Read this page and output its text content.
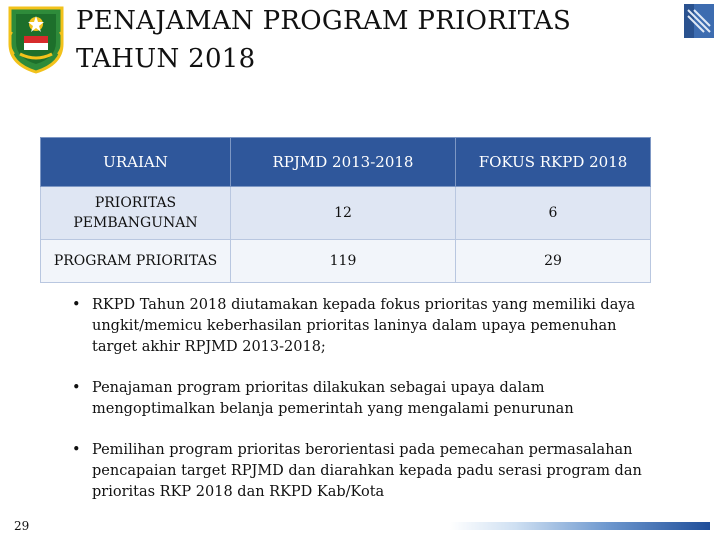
PENAJAMAN PROGRAM PRIORITAS
TAHUN 2018
URAIAN	RPJMD 2013-2018	FOKUS RKPD 2018
PRIORITAS PEMBANGUNAN	12	6
PROGRAM PRIORITAS	119	29
• RKPD Tahun 2018 diutamakan kepada fokus prioritas yang memiliki daya ungkit/memicu keberhasilan prioritas laninya dalam upaya pemenuhan target akhir RPJMD 2013-2018;
• Penajaman program prioritas dilakukan sebagai upaya dalam mengoptimalkan belanja pemerintah yang mengalami penurunan
• Pemilihan program prioritas berorientasi pada pemecahan permasalahan pencapaian target RPJMD dan diarahkan kepada padu serasi program dan prioritas RKP 2018 dan RKPD Kab/Kota
29
